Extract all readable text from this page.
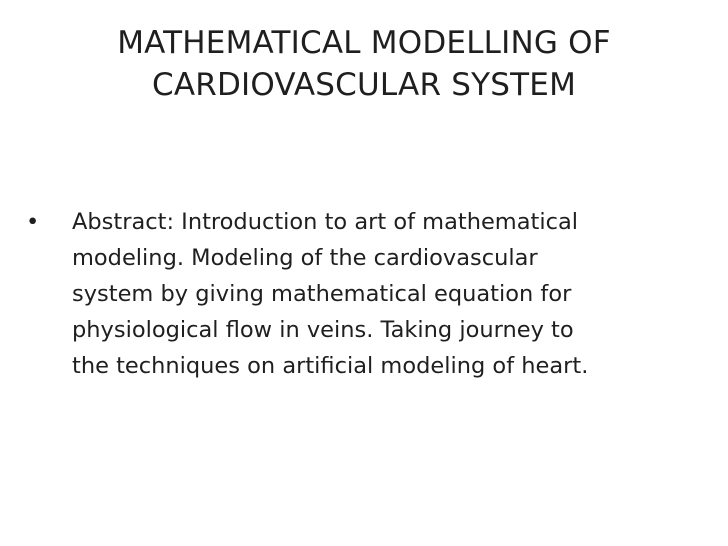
MATHEMATICAL MODELLING OF
CARDIOVASCULAR SYSTEM
• Abstract: Introduction to art of mathematical
modeling. Modeling of the cardiovascular
system by giving mathematical equation for
physiological flow in veins. Taking journey to
the techniques on artificial modeling of heart.
